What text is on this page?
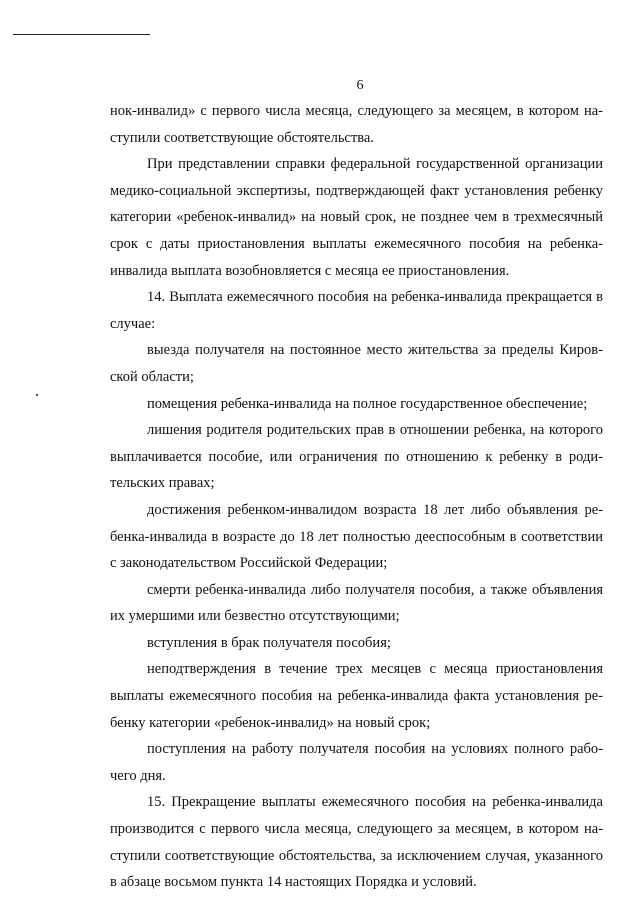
6

нок-инвалид» с первого числа месяца, следующего за месяцем, в котором наступили соответствующие обстоятельства.

При представлении справки федеральной государственной организации медико-социальной экспертизы, подтверждающей факт установления ребенку категории «ребенок-инвалид» на новый срок, не позднее чем в трехмесячный срок с даты приостановления выплаты ежемесячного пособия на ребенка-инвалида выплата возобновляется с месяца ее приостановления.

14. Выплата ежемесячного пособия на ребенка-инвалида прекращается в случае:

выезда получателя на постоянное место жительства за пределы Кировской области;

помещения ребенка-инвалида на полное государственное обеспечение;

лишения родителя родительских прав в отношении ребенка, на которого выплачивается пособие, или ограничения по отношению к ребенку в родительских правах;

достижения ребенком-инвалидом возраста 18 лет либо объявления ребенка-инвалида в возрасте до 18 лет полностью дееспособным в соответствии с законодательством Российской Федерации;

смерти ребенка-инвалида либо получателя пособия, а также объявления их умершими или безвестно отсутствующими;

вступления в брак получателя пособия;

неподтверждения в течение трех месяцев с месяца приостановления выплаты ежемесячного пособия на ребенка-инвалида факта установления ребенку категории «ребенок-инвалид» на новый срок;

поступления на работу получателя пособия на условиях полного рабочего дня.

15. Прекращение выплаты ежемесячного пособия на ребенка-инвалида производится с первого числа месяца, следующего за месяцем, в котором наступили соответствующие обстоятельства, за исключением случая, указанного в абзаце восьмом пункта 14 настоящих Порядка и условий.
